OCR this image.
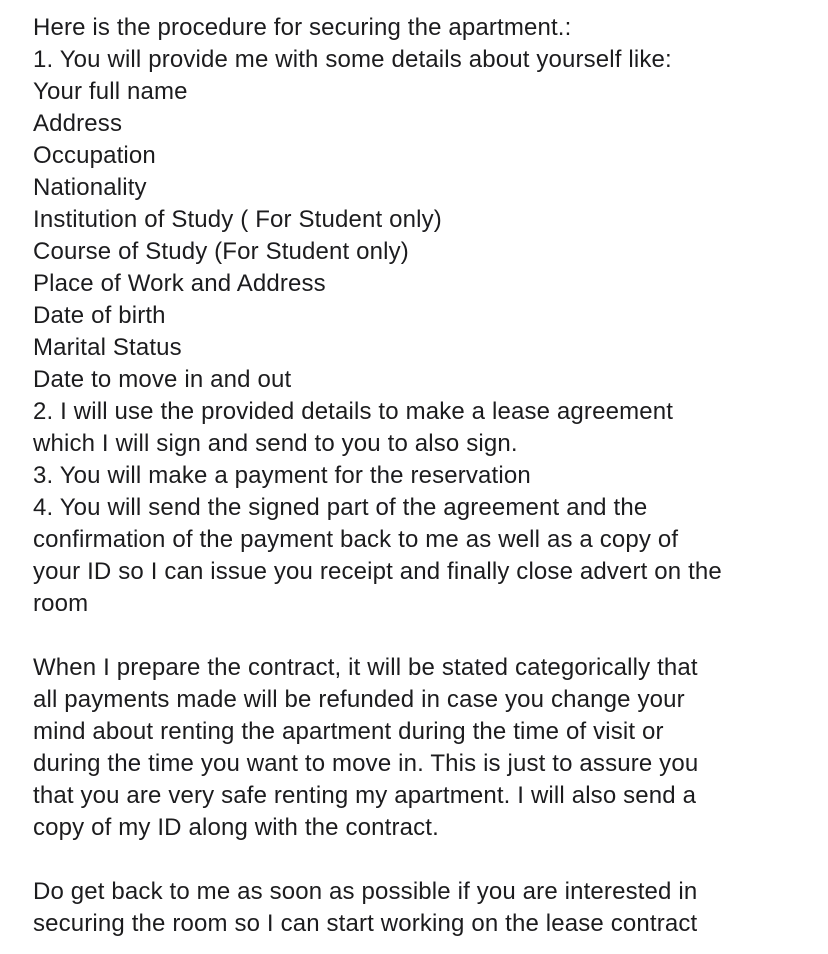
Here is the procedure for securing the apartment.:
1. You will provide me with some details about yourself like:
Your full name
Address
Occupation
Nationality
Institution of Study ( For Student only)
Course of Study (For Student only)
Place of Work and Address
Date of birth
Marital Status
Date to move in and out
2. I will use the provided details to make a lease agreement
which I will sign and send to you to also sign.
3. You will make a payment for the reservation
4. You will send the signed part of the agreement and the
confirmation of the payment back to me as well as a copy of
your ID so I can issue you receipt and finally close advert on the
room
When I prepare the contract, it will be stated categorically that
all payments made will be refunded in case you change your
mind about renting the apartment during the time of visit or
during the time you want to move in. This is just to assure you
that you are very safe renting my apartment. I will also send a
copy of my ID along with the contract.
Do get back to me as soon as possible if you are interested in
securing the room so I can start working on the lease contract
